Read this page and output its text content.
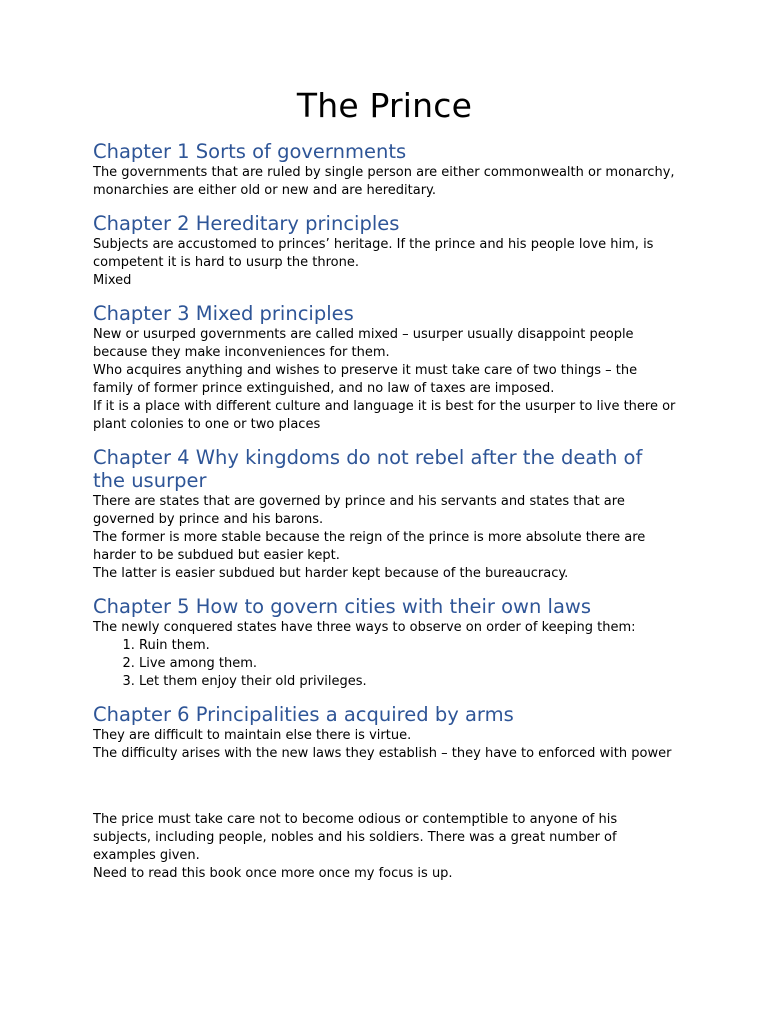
The Prince
Chapter 1 Sorts of governments

The governments that are ruled by single person are either commonwealth or monarchy, monarchies are either old or new and are hereditary.

Chapter 2 Hereditary principles

Subjects are accustomed to princes’ heritage. If the prince and his people love him, is competent it is hard to usurp the throne.

Mixed

Chapter 3 Mixed principles

New or usurped governments are called mixed – usurper usually disappoint people because they make inconveniences for them.

Who acquires anything and wishes to preserve it must take care of two things – the family of former prince extinguished, and no law of taxes are imposed.

If it is a place with different culture and language it is best for the usurper to live there or plant colonies to one or two places

Chapter 4 Why kingdoms do not rebel after the death of the usurper

There are states that are governed by prince and his servants and states that are governed by prince and his barons.

The former is more stable because the reign of the prince is more absolute there are harder to be subdued but easier kept.

The latter is easier subdued but harder kept because of the bureaucracy.

Chapter 5 How to govern cities with their own laws

The newly conquered states have three ways to observe on order of keeping them:

1. Ruin them.
2. Live among them.
3. Let them enjoy their old privileges.
Chapter 6 Principalities a acquired by arms

They are difficult to maintain else there is virtue.

The difficulty arises with the new laws they establish – they have to enforced with power

The price must take care not to become odious or contemptible to anyone of his subjects, including people, nobles and his soldiers. There was a great number of examples given.

Need to read this book once more once my focus is up.
